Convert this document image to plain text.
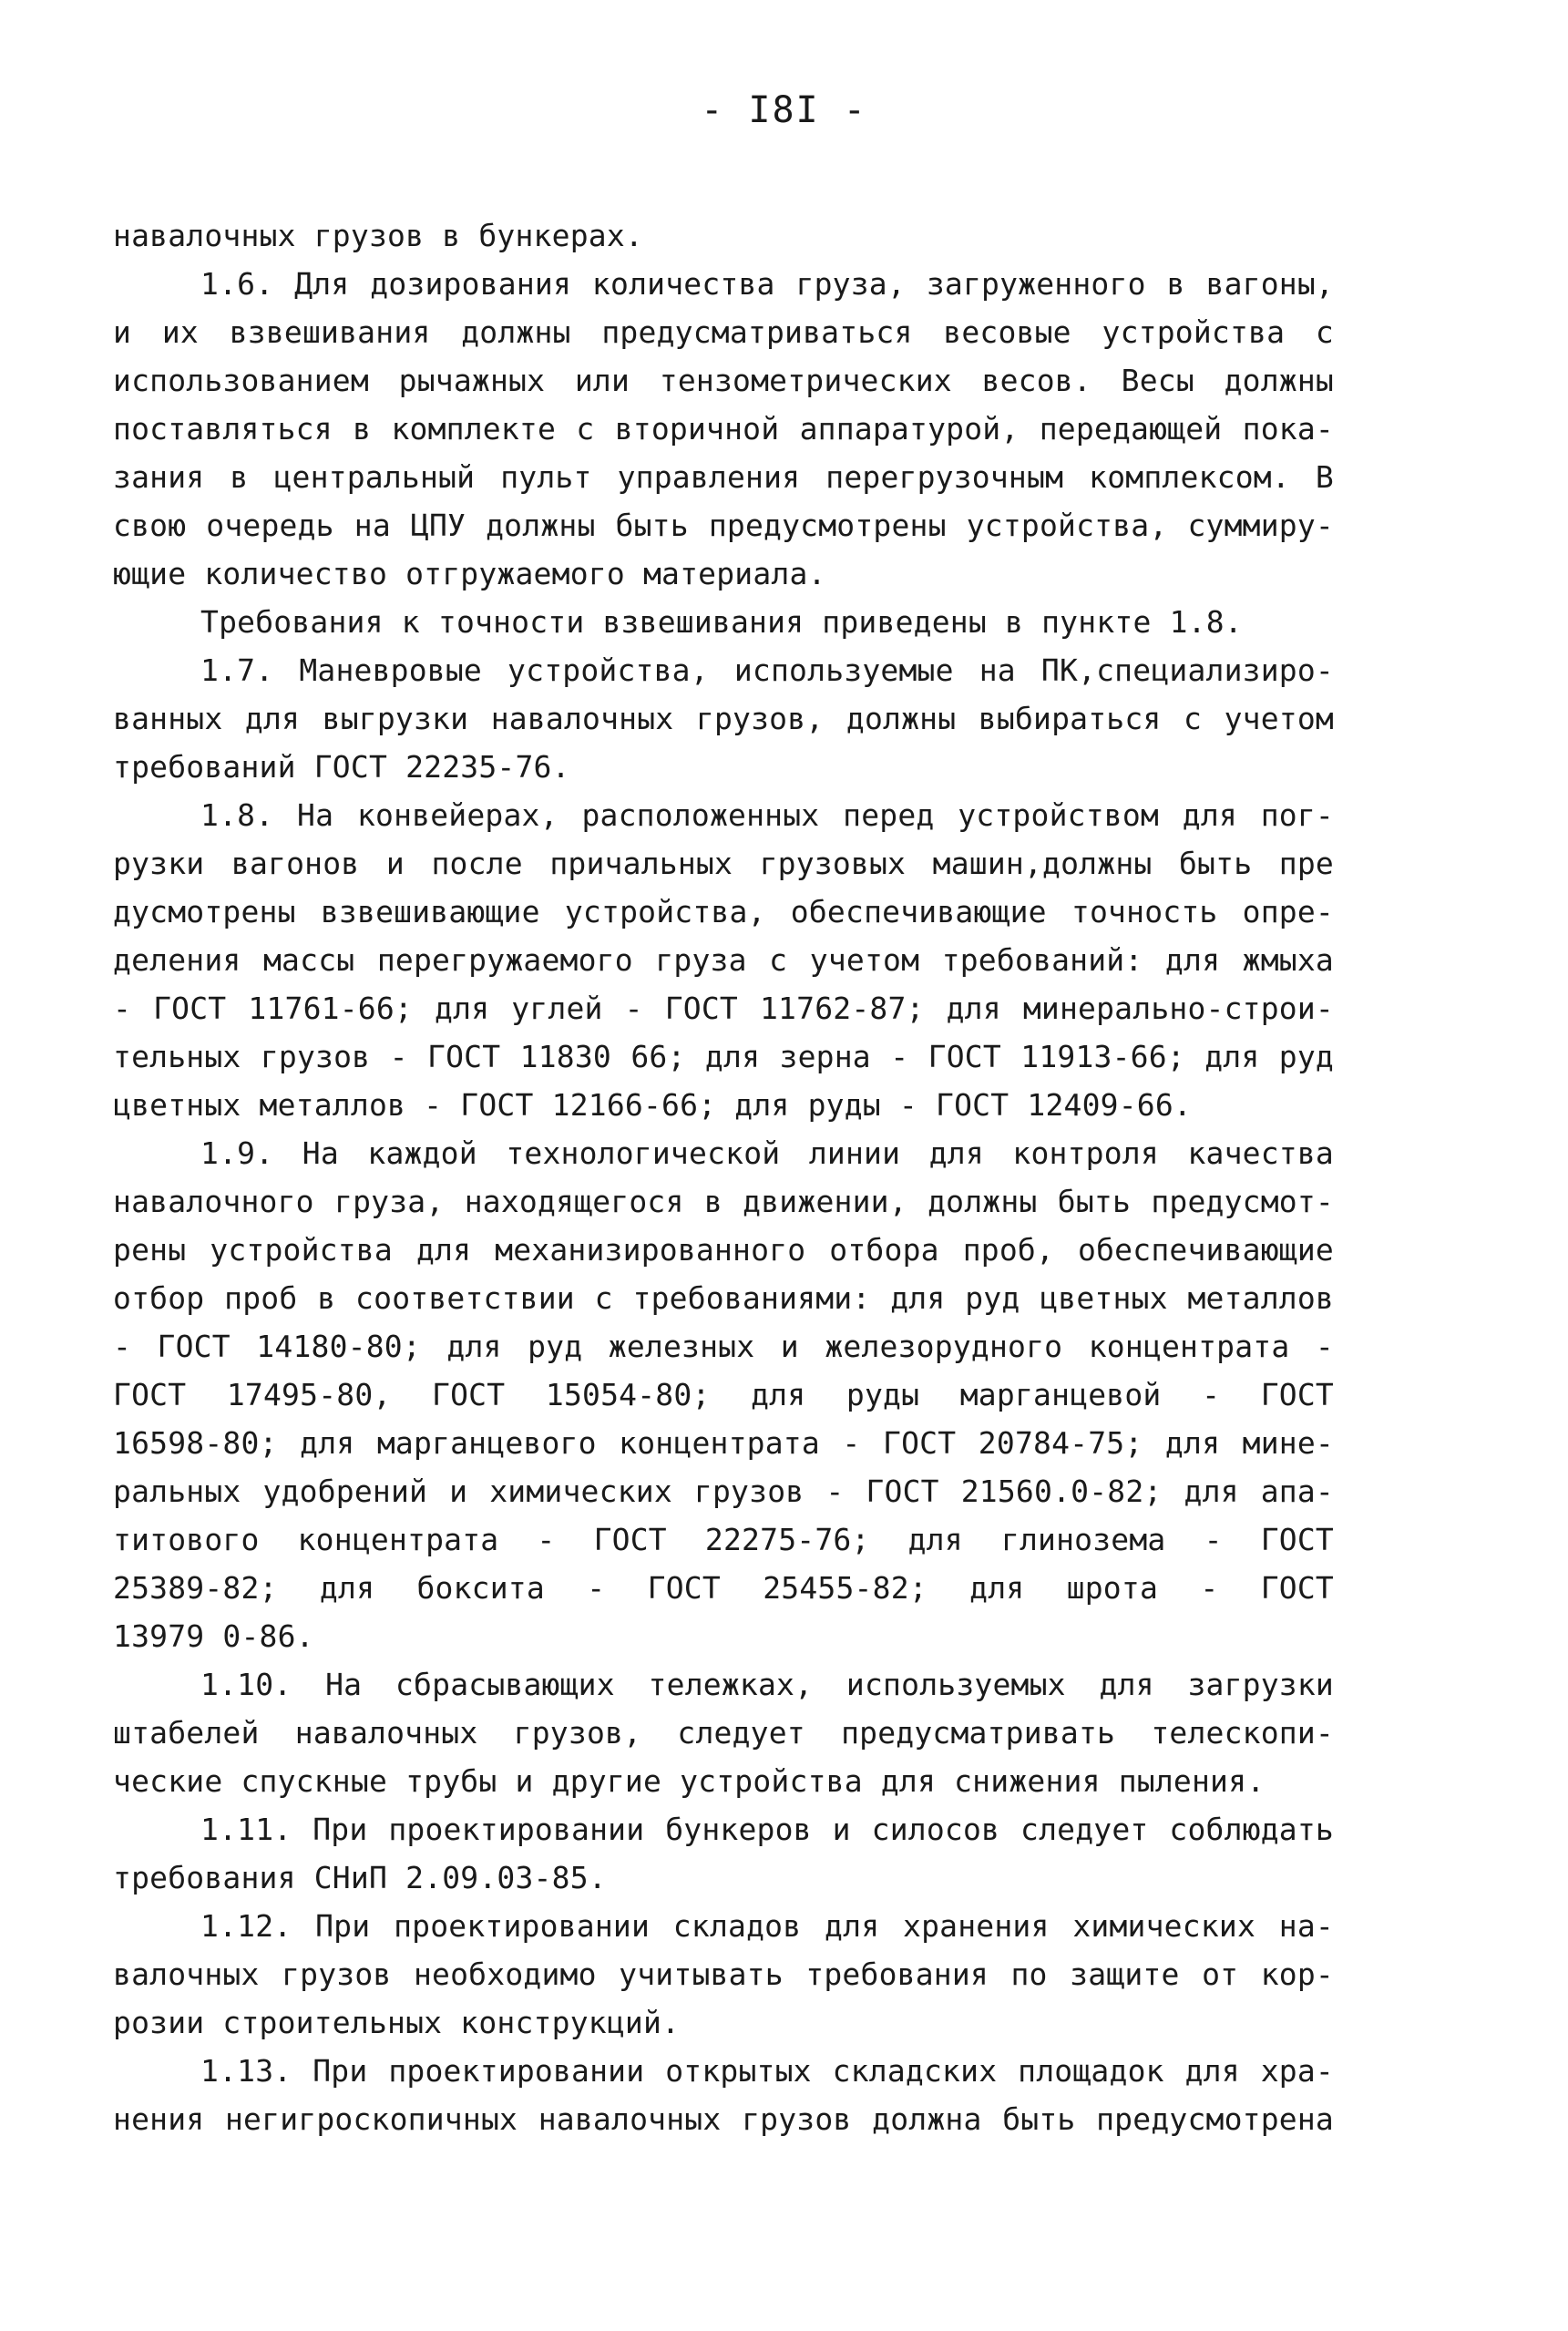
- I8I -
навалочных грузов в бункерах.
1.6. Для дозирования количества груза, загруженного в вагоны,
и их взвешивания должны предусматриваться весовые устройства с
использованием рычажных или тензометрических весов. Весы должны
поставляться в комплекте с вторичной аппаратурой, передающей пока-
зания в центральный пульт управления перегрузочным комплексом. В
свою очередь на ЦПУ должны быть предусмотрены устройства, суммиру-
ющие количество отгружаемого материала.
Требования к точности взвешивания приведены в пункте 1.8.
1.7. Маневровые устройства, используемые на ПК,специализиро-
ванных для выгрузки навалочных грузов, должны выбираться с учетом
требований ГОСТ 22235-76.
1.8. На конвейерах, расположенных перед устройством для пог-
рузки вагонов и после причальных грузовых машин,должны быть пре
дусмотрены взвешивающие устройства, обеспечивающие точность опре-
деления массы перегружаемого груза с учетом требований: для жмыха
- ГОСТ 11761-66; для углей - ГОСТ 11762-87; для минерально-строи-
тельных грузов - ГОСТ 11830 66; для зерна - ГОСТ 11913-66; для руд
цветных металлов - ГОСТ 12166-66; для руды - ГОСТ 12409-66.
1.9. На каждой технологической линии для контроля качества
навалочного груза, находящегося в движении, должны быть предусмот-
рены устройства для механизированного отбора проб, обеспечивающие
отбор проб в соответствии с требованиями: для руд цветных металлов
- ГОСТ 14180-80; для руд железных и железорудного концентрата -
ГОСТ 17495-80, ГОСТ 15054-80; для руды марганцевой - ГОСТ
16598-80; для марганцевого концентрата - ГОСТ 20784-75; для мине-
ральных удобрений и химических грузов - ГОСТ 21560.0-82; для апа-
титового концентрата - ГОСТ 22275-76; для глинозема - ГОСТ
25389-82; для боксита - ГОСТ 25455-82; для шрота - ГОСТ
13979 0-86.
1.10. На сбрасывающих тележках, используемых для загрузки
штабелей навалочных грузов, следует предусматривать телескопи-
ческие спускные трубы и другие устройства для снижения пыления.
1.11. При проектировании бункеров и силосов следует соблюдать
требования СНиП 2.09.03-85.
1.12. При проектировании складов для хранения химических на-
валочных грузов необходимо учитывать требования по защите от кор-
розии строительных конструкций.
1.13. При проектировании открытых складских площадок для хра-
нения негигроскопичных навалочных грузов должна быть предусмотрена
